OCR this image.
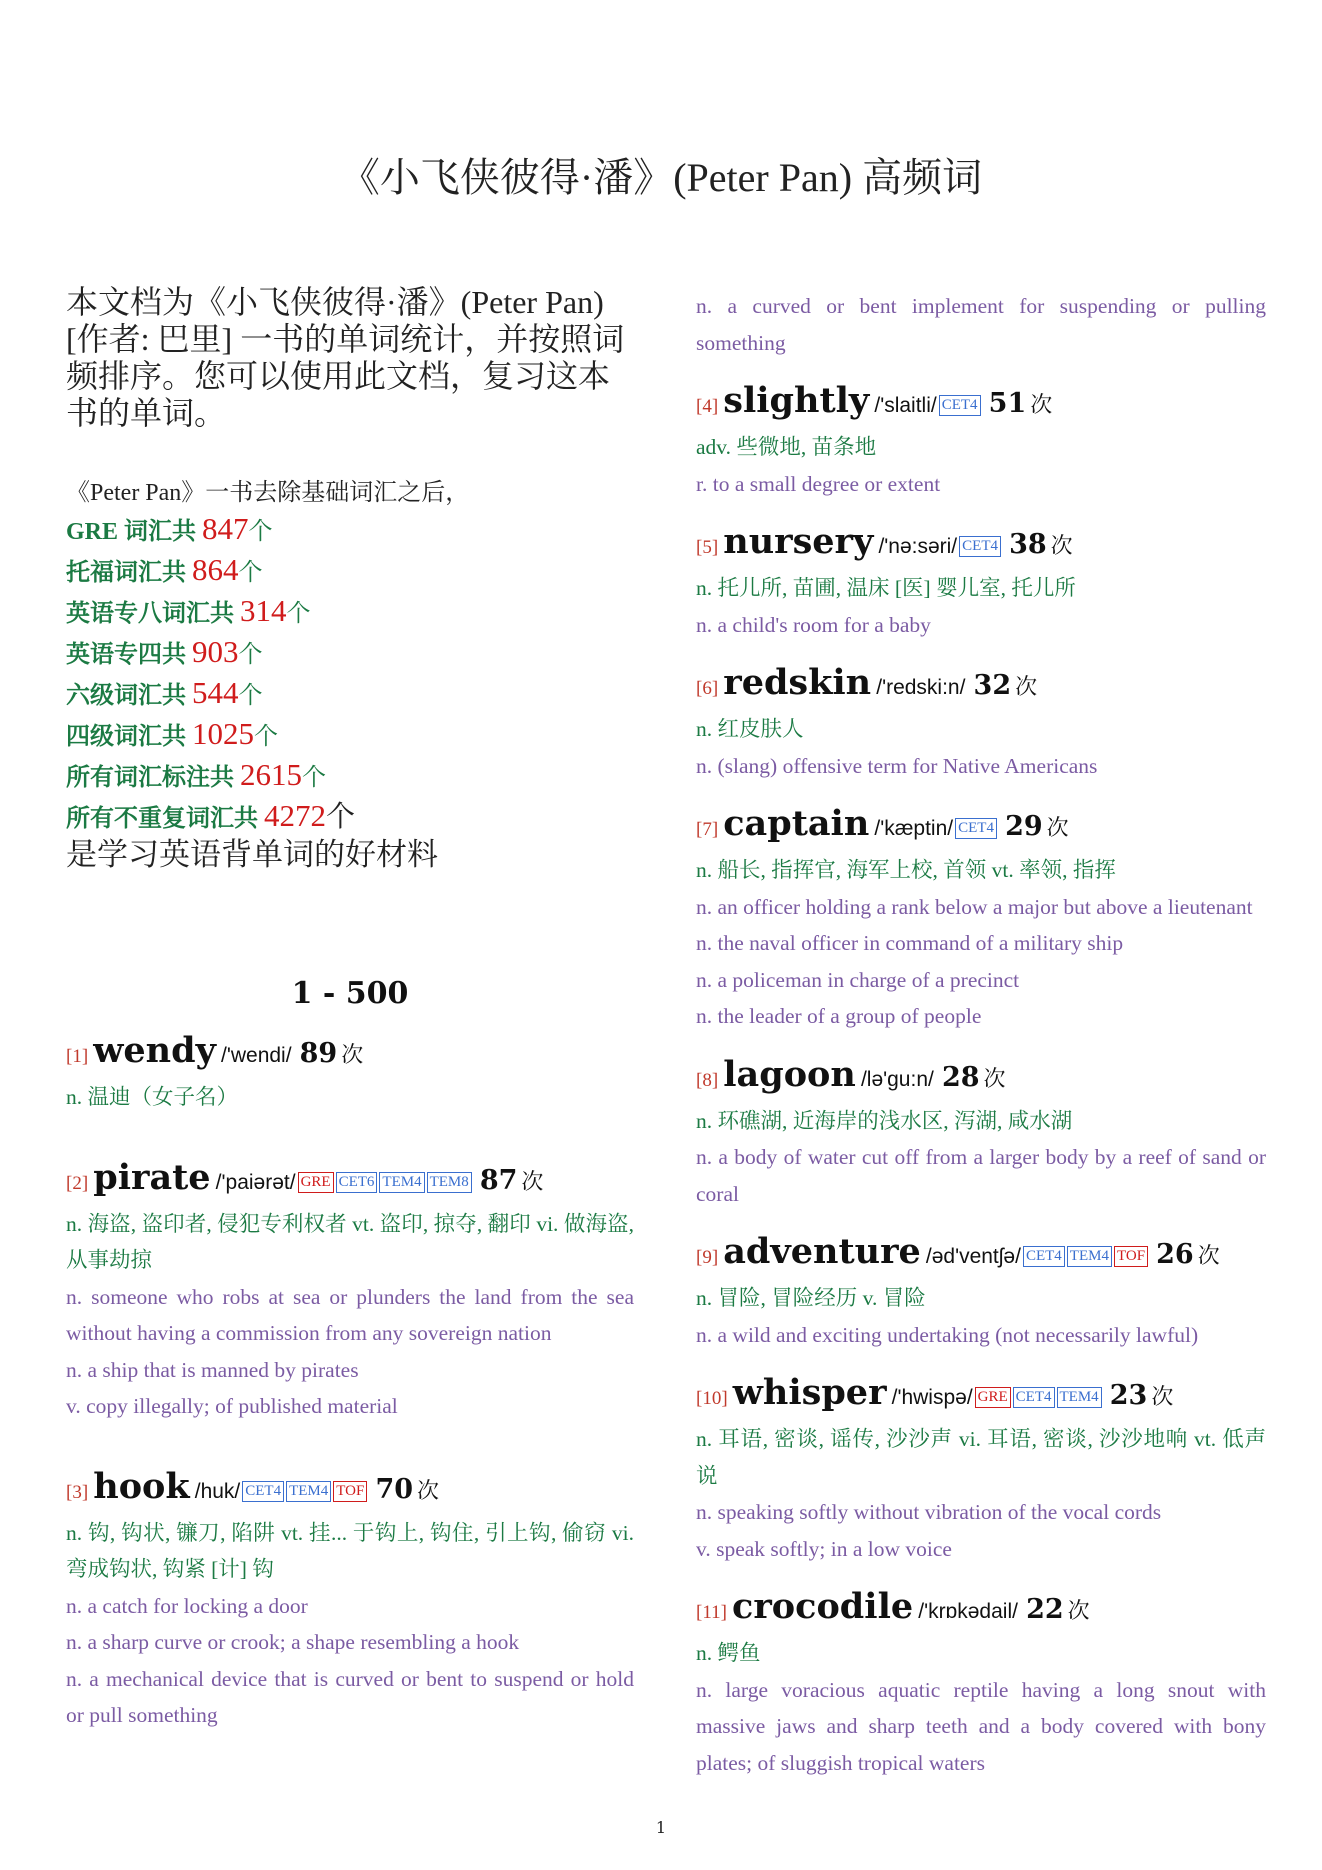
《小飞侠彼得·潘》(Peter Pan) 高频词
本文档为《小飞侠彼得·潘》(Peter Pan)[作者: 巴里] 一书的单词统计，并按照词频排序。您可以使用此文档，复习这本书的单词。
《Peter Pan》一书去除基础词汇之后，
GRE 词汇共 847个
托福词汇共 864个
英语专八词汇共 314个
英语专四共 903个
六级词汇共 544个
四级词汇共 1025个
所有词汇标注共 2615个
所有不重复词汇共 4272个
是学习英语背单词的好材料
1 - 500
[1] wendy /'wendi/ 89 次
n. 温迪（女子名）
[2] pirate /'paiərət/ GRE CET6 TEM4 TEM8 87 次
n. 海盗, 盗印者, 侵犯专利权者 vt. 盗印, 掠夺, 翻印 vi. 做海盗, 从事劫掠
n. someone who robs at sea or plunders the land from the sea without having a commission from any sovereign nation
n. a ship that is manned by pirates
v. copy illegally; of published material
[3] hook /huk/ CET4 TEM4 TOF 70 次
n. 钩, 钩状, 镰刀, 陷阱 vt. 挂... 于钩上, 钩住, 引上钩, 偷窃 vi. 弯成钩状, 钩紧 [计] 钩
n. a catch for locking a door
n. a sharp curve or crook; a shape resembling a hook
n. a mechanical device that is curved or bent to suspend or hold or pull something
n. a curved or bent implement for suspending or pulling something
[4] slightly /'slaitli/ CET4 51 次
adv. 些微地, 苗条地
r. to a small degree or extent
[5] nursery /'nə:səri/ CET4 38 次
n. 托儿所, 苗圃, 温床 [医] 婴儿室, 托儿所
n. a child's room for a baby
[6] redskin /'redski:n/ 32 次
n. 红皮肤人
n. (slang) offensive term for Native Americans
[7] captain /'kæptin/ CET4 29 次
n. 船长, 指挥官, 海军上校, 首领 vt. 率领, 指挥
n. an officer holding a rank below a major but above a lieutenant
n. the naval officer in command of a military ship
n. a policeman in charge of a precinct
n. the leader of a group of people
[8] lagoon /lə'gu:n/ 28 次
n. 环礁湖, 近海岸的浅水区, 泻湖, 咸水湖
n. a body of water cut off from a larger body by a reef of sand or coral
[9] adventure /əd'ventʃə/ CET4 TEM4 TOF 26 次
n. 冒险, 冒险经历 v. 冒险
n. a wild and exciting undertaking (not necessarily lawful)
[10] whisper /'hwispə/ GRE CET4 TEM4 23 次
n. 耳语, 密谈, 谣传, 沙沙声 vi. 耳语, 密谈, 沙沙地响 vt. 低声说
n. speaking softly without vibration of the vocal cords
v. speak softly; in a low voice
[11] crocodile /'krɒkədail/ 22 次
n. 鳄鱼
n. large voracious aquatic reptile having a long snout with massive jaws and sharp teeth and a body covered with bony plates; of sluggish tropical waters
1
